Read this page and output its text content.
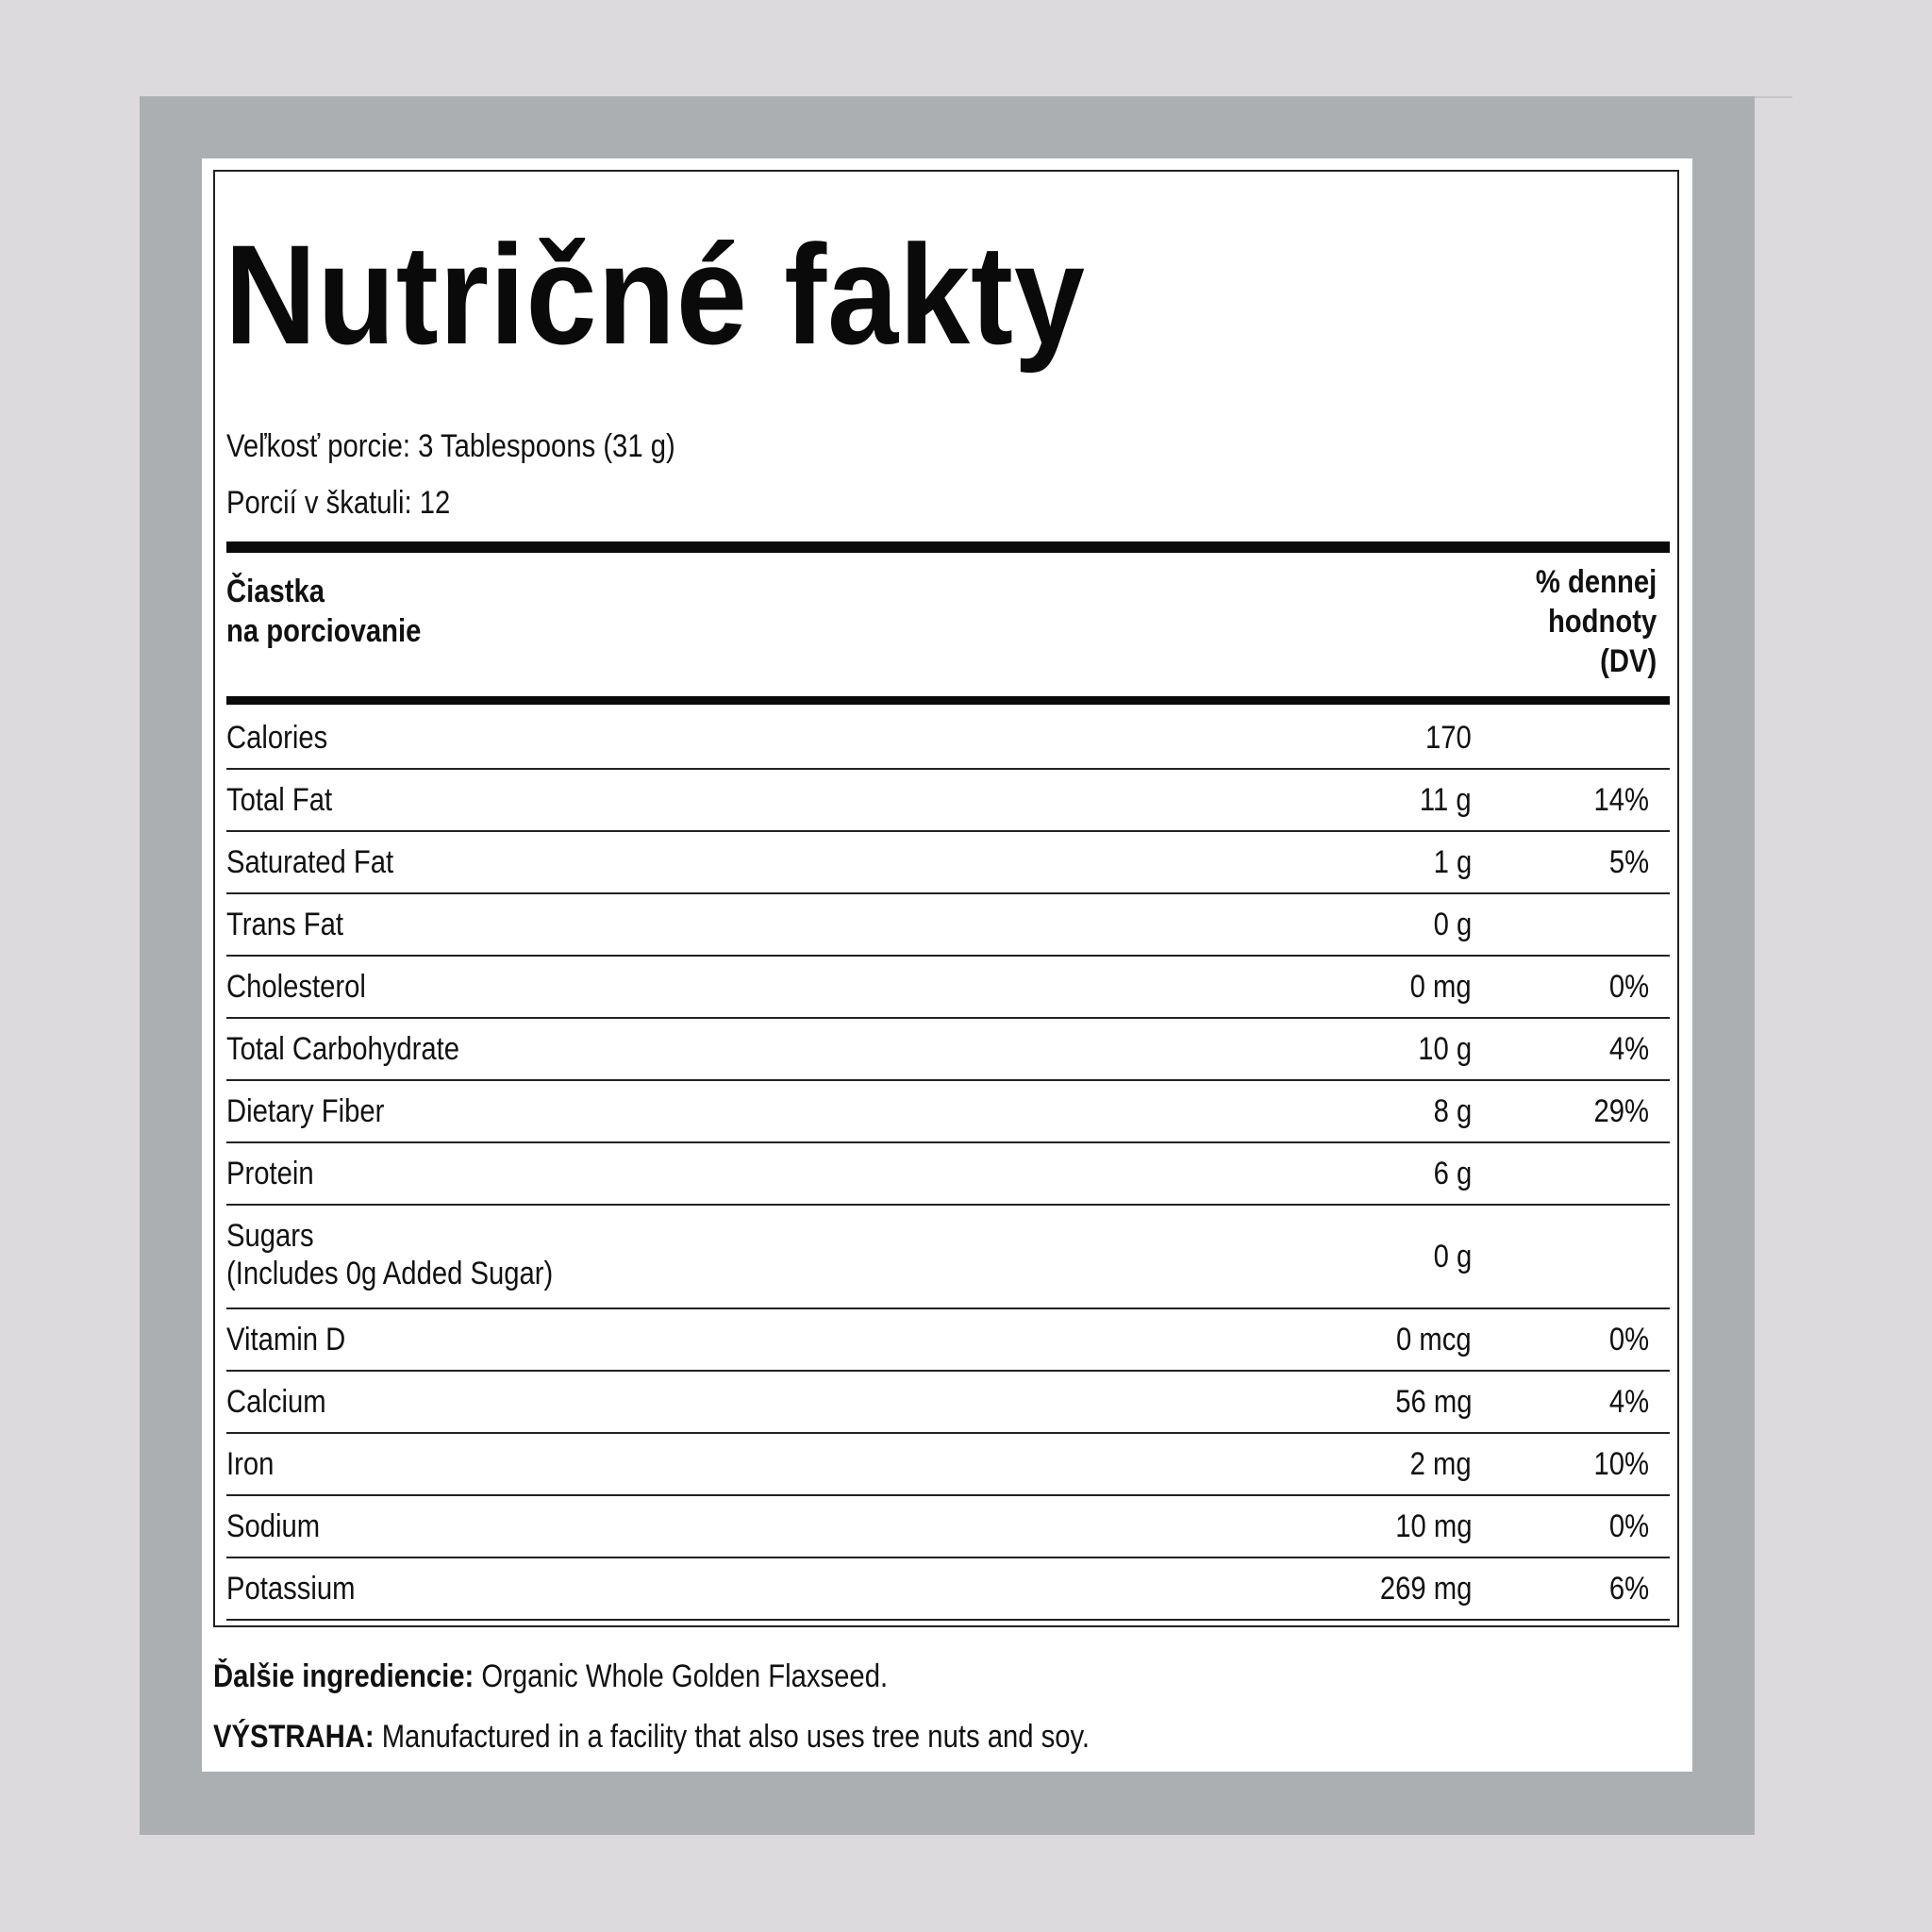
Nutričné fakty
Veľkosť porcie: 3 Tablespoons (31 g)
Porcií v škatuli: 12
Čiastka
na porciovanie
% dennej
hodnoty
(DV)
Calories	170
Total Fat	11 g	14%
Saturated Fat	1 g	5%
Trans Fat	0 g
Cholesterol	0 mg	0%
Total Carbohydrate	10 g	4%
Dietary Fiber	8 g	29%
Protein	6 g
Sugars
(Includes 0g Added Sugar)	0 g
Vitamin D	0 mcg	0%
Calcium	56 mg	4%
Iron	2 mg	10%
Sodium	10 mg	0%
Potassium	269 mg	6%
Ďalšie ingrediencie: Organic Whole Golden Flaxseed.
VÝSTRAHA: Manufactured in a facility that also uses tree nuts and soy.
